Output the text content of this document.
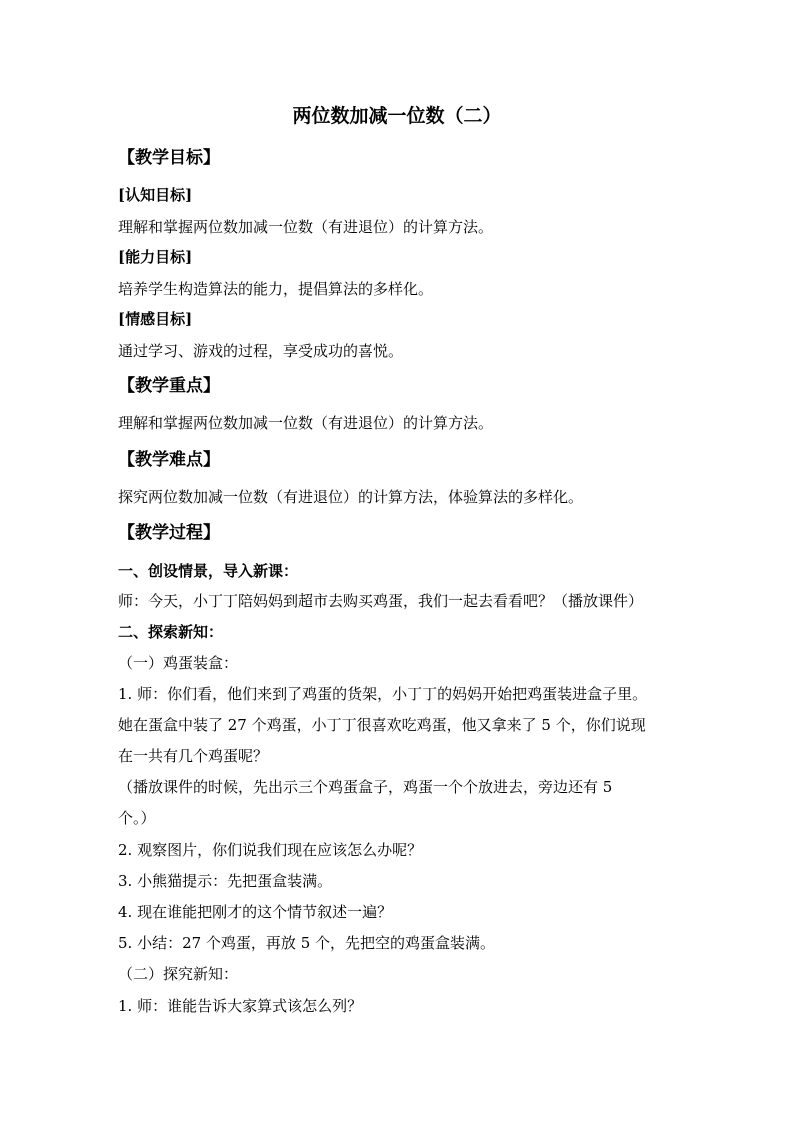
两位数加减一位数（二）
【教学目标】
[认知目标]
理解和掌握两位数加减一位数（有进退位）的计算方法。
[能力目标]
培养学生构造算法的能力，提倡算法的多样化。
[情感目标]
通过学习、游戏的过程，享受成功的喜悦。
【教学重点】
理解和掌握两位数加减一位数（有进退位）的计算方法。
【教学难点】
探究两位数加减一位数（有进退位）的计算方法，体验算法的多样化。
【教学过程】
一、创设情景，导入新课：
师：今天，小丁丁陪妈妈到超市去购买鸡蛋，我们一起去看看吧？（播放课件）
二、探索新知：
（一）鸡蛋装盒：
1. 师：你们看，他们来到了鸡蛋的货架，小丁丁的妈妈开始把鸡蛋装进盒子里。
她在蛋盒中装了 27 个鸡蛋，小丁丁很喜欢吃鸡蛋，他又拿来了 5 个，你们说现
在一共有几个鸡蛋呢？
（播放课件的时候，先出示三个鸡蛋盒子，鸡蛋一个个放进去，旁边还有 5
个。）
2. 观察图片，你们说我们现在应该怎么办呢？
3. 小熊猫提示：先把蛋盒装满。
4. 现在谁能把刚才的这个情节叙述一遍？
5. 小结：27 个鸡蛋，再放 5 个，先把空的鸡蛋盒装满。
（二）探究新知：
1. 师：谁能告诉大家算式该怎么列？
